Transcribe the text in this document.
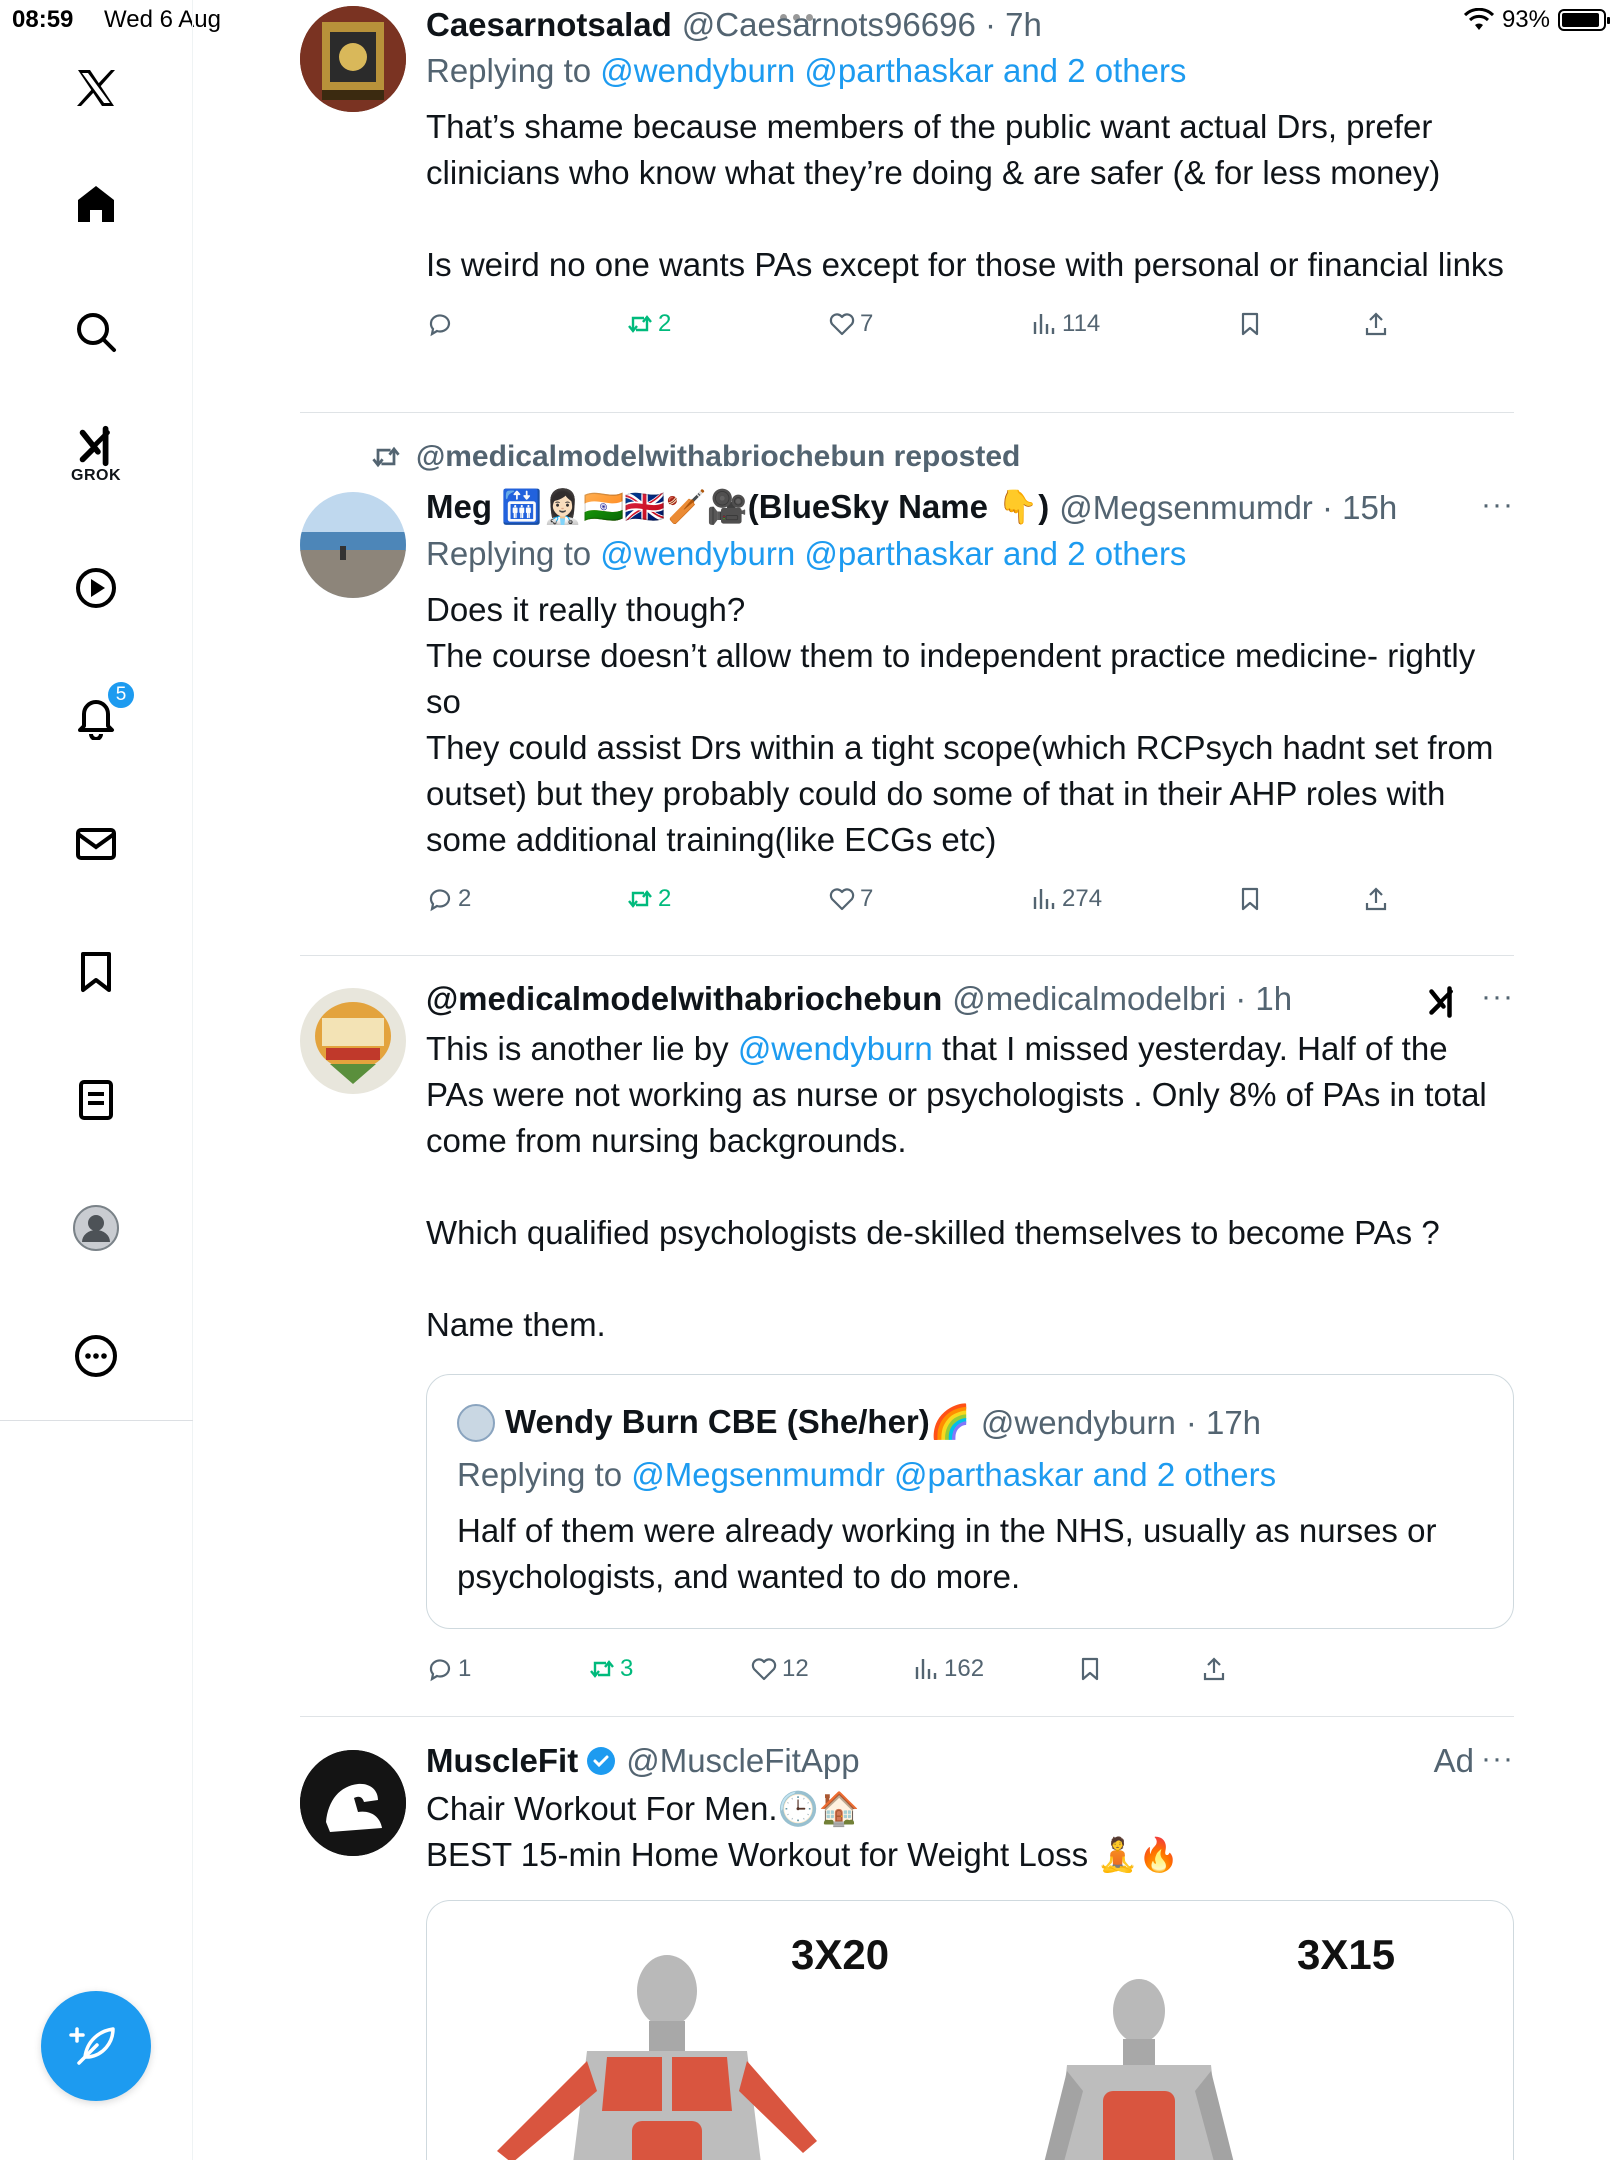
08:59 Wed 6 Aug	93%
GROK
5
Caesarnotsalad @Caesarnots96696
· 7h
Replying to @wendyburn @parthaskar and 2 others
That’s shame because members of the public want actual Drs, prefer clinicians who know what they’re doing & are safer (& for less money)

Is weird no one wants PAs except for those with personal or financial links
2	7	114
@medicalmodelwithabriochebun reposted
Meg 🛗👩🏻‍⚕️🇮🇳🇬🇧🏏🎥(BlueSky Name 👇) @Megsenmumdr
· 15h	···
Replying to @wendyburn @parthaskar and 2 others
Does it really though?
The course doesn’t allow them to independent practice medicine- rightly so
They could assist Drs within a tight scope(which RCPsych hadnt set from outset) but they probably could do some of that in their AHP roles with some additional training(like ECGs etc)
2	2	7	274
@medicalmodelwithabriochebun @medicalmodelbri
· 1h	···
This is another lie by @wendyburn that I missed yesterday. Half of the PAs were not working as nurse or psychologists . Only 8% of PAs in total come from nursing backgrounds.

Which qualified psychologists de-skilled themselves to become PAs ?

Name them.
Wendy Burn CBE (She/her)🌈 @wendyburn · 17h
Replying to @Megsenmumdr @parthaskar and 2 others
Half of them were already working in the NHS, usually as nurses or psychologists, and wanted to do more.
1	3	12	162
MuscleFit @MuscleFitApp	Ad ···
Chair Workout For Men.🕒🏠
BEST 15-min Home Workout for Weight Loss 🧘🔥
3X20	3X15
